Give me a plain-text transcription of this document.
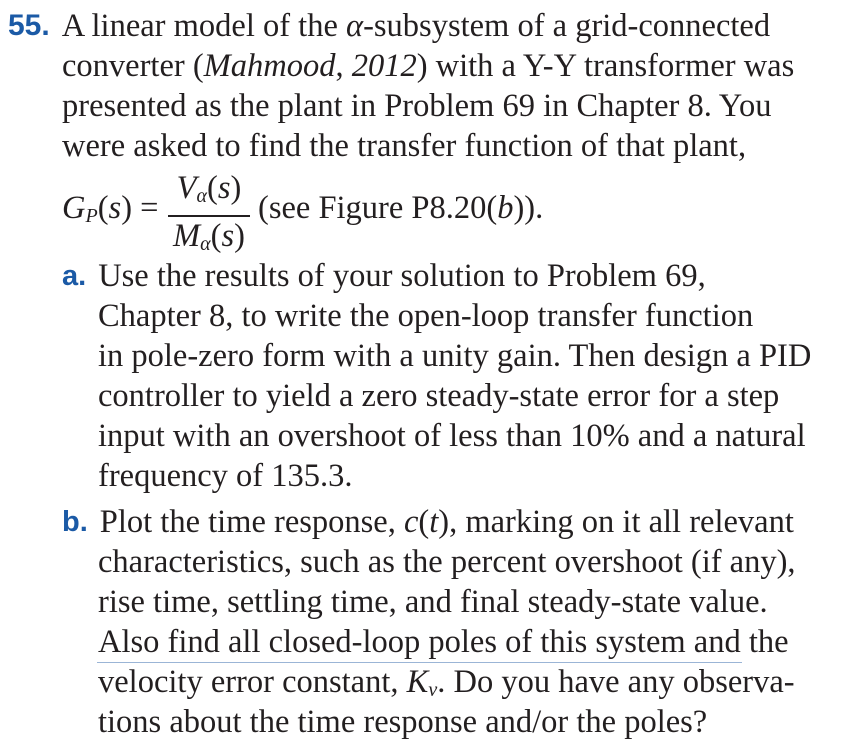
55. A linear model of the α-subsystem of a grid-connected
converter (Mahmood, 2012) with a Y-Y transformer was
presented as the plant in Problem 69 in Chapter 8. You
were asked to find the transfer function of that plant,
$G_P(s)$ =
$V_\alpha(s)$
$M_\alpha(s)$
(see Figure P8.20(b)).
a. Use the results of your solution to Problem 69,
Chapter 8, to write the open-loop transfer function
in pole-zero form with a unity gain. Then design a PID
controller to yield a zero steady-state error for a step
input with an overshoot of less than 10% and a natural
frequency of 135.3.
b. Plot the time response, c(t), marking on it all relevant
characteristics, such as the percent overshoot (if any),
rise time, settling time, and final steady-state value.
Also find all closed-loop poles of this system and the
velocity error constant, $K_v$. Do you have any observa-
tions about the time response and/or the poles?
